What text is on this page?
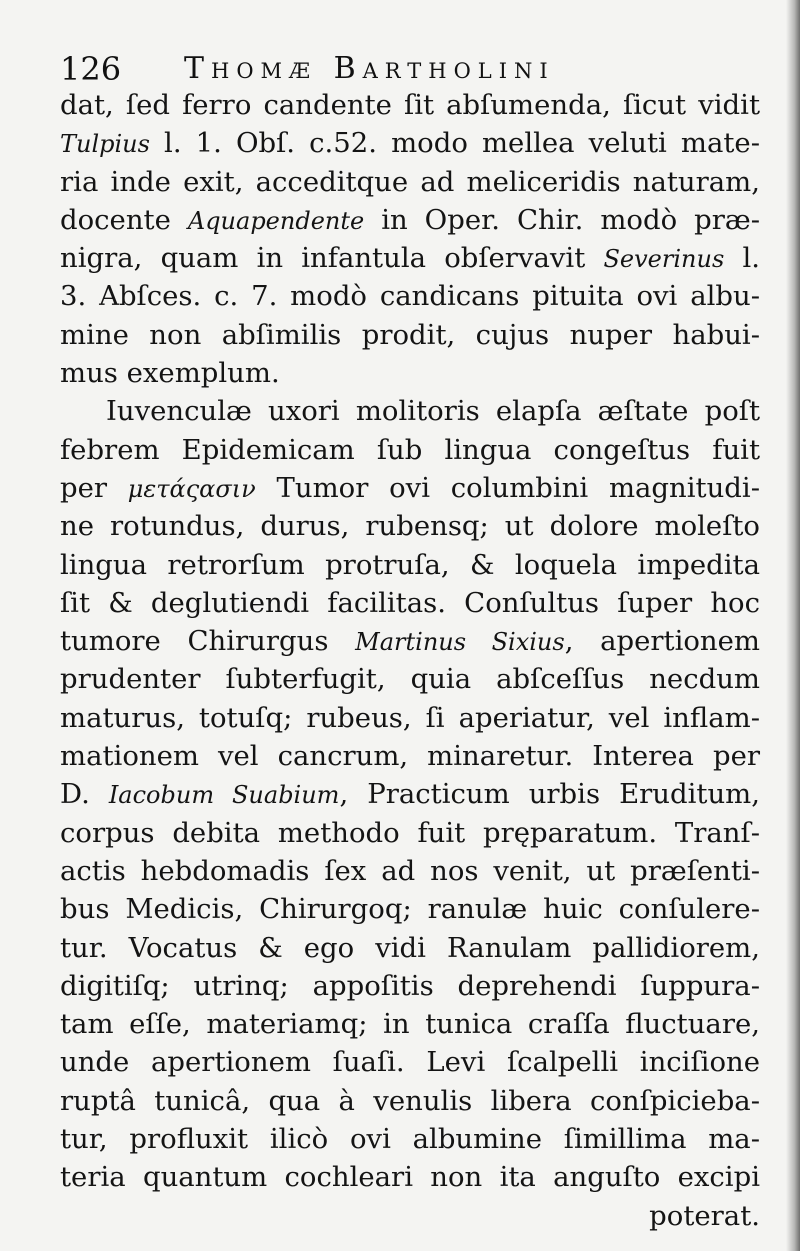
126 Thomæ Bartholini
dat, ſed ferro candente ſit abſumenda, ſicut vidit
Tulpius l. 1. Obſ. c.52. modo mellea veluti mate-
ria inde exit, acceditque ad meliceridis naturam,
docente Aquapendente in Oper. Chir. modò præ-
nigra, quam in infantula obſervavit Severinus l.
3. Abſces. c. 7. modò candicans pituita ovi albu-
mine non abſimilis prodit, cujus nuper habui-
mus exemplum.
Iuvenculæ uxori molitoris elapſa æſtate poſt
febrem Epidemicam ſub lingua congeſtus fuit
per μετάςασιν Tumor ovi columbini magnitudi-
ne rotundus, durus, rubensq; ut dolore moleſto
lingua retrorſum protruſa, & loquela impedita
ſit & deglutiendi facilitas. Conſultus ſuper hoc
tumore Chirurgus Martinus Sixius, apertionem
prudenter ſubterfugit, quia abſceſſus necdum
maturus, totuſq; rubeus, ſi aperiatur, vel inflam-
mationem vel cancrum, minaretur. Interea per
D. Iacobum Suabium, Practicum urbis Eruditum,
corpus debita methodo fuit pręparatum. Tranſ-
actis hebdomadis ſex ad nos venit, ut præſenti-
bus Medicis, Chirurgoq; ranulæ huic conſulere-
tur. Vocatus & ego vidi Ranulam pallidiorem,
digitiſq; utrinq; appoſitis deprehendi ſuppura-
tam eſſe, materiamq; in tunica craſſa fluctuare,
unde apertionem ſuaſi. Levi ſcalpelli inciſione
ruptâ tunicâ, qua à venulis libera conſpicieba-
tur, profluxit ilicò ovi albumine ſimillima ma-
teria quantum cochleari non ita anguſto excipi
poterat.
